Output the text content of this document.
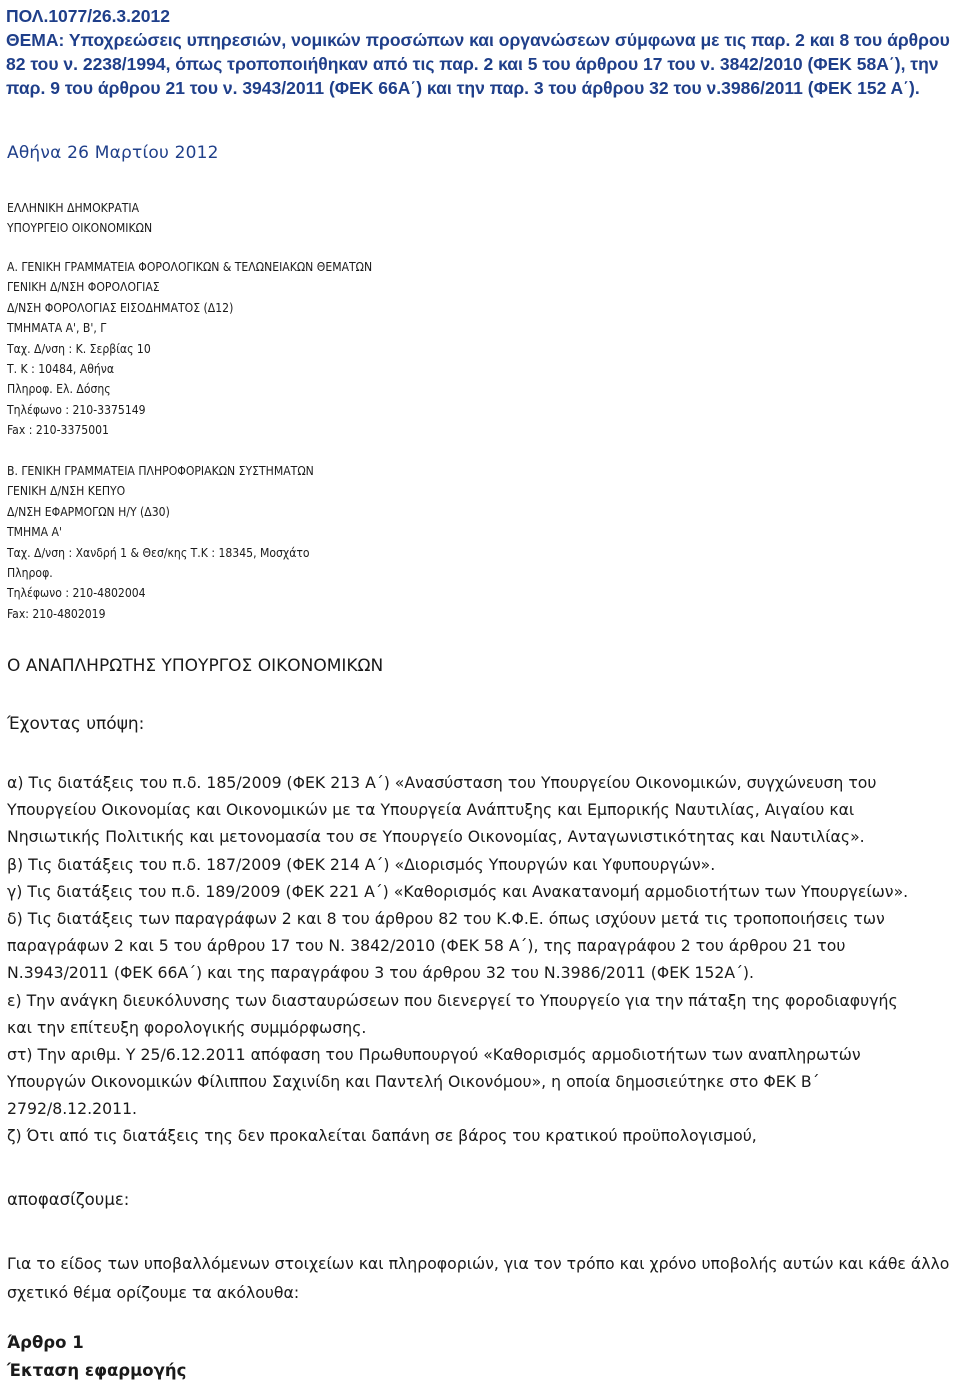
ΠΟΛ.1077/26.3.2012
ΘΕΜΑ: Υποχρεώσεις υπηρεσιών, νομικών προσώπων και οργανώσεων σύμφωνα με τις παρ. 2 και 8 του άρθρου
82 του ν. 2238/1994, όπως τροποποιήθηκαν από τις παρ. 2 και 5 του άρθρου 17 του ν. 3842/2010 (ΦΕΚ 58Α΄), την
παρ. 9 του άρθρου 21 του ν. 3943/2011 (ΦΕΚ 66Α΄) και την παρ. 3 του άρθρου 32 του ν.3986/2011 (ΦΕΚ 152 Α΄).
Αθήνα 26 Μαρτίου 2012
ΕΛΛΗΝΙΚΗ ΔΗΜΟΚΡΑΤΙΑ
ΥΠΟΥΡΓΕΙΟ ΟΙΚΟΝΟΜΙΚΩΝ
Α. ΓΕΝΙΚΗ ΓΡΑΜΜΑΤΕΙΑ ΦΟΡΟΛΟΓΙΚΩΝ & ΤΕΛΩΝΕΙΑΚΩΝ ΘΕΜΑΤΩΝ
ΓΕΝΙΚΗ Δ/ΝΣΗ ΦΟΡΟΛΟΓΙΑΣ
Δ/ΝΣΗ ΦΟΡΟΛΟΓΙΑΣ ΕΙΣΟΔΗΜΑΤΟΣ (Δ12)
ΤΜΗΜΑΤΑ Α', Β', Γ
Ταχ. Δ/νση : Κ. Σερβίας 10
Τ. Κ : 10484, Αθήνα
Πληροφ. Ελ. Δόσης
Τηλέφωνο : 210-3375149
Fax : 210-3375001
Β. ΓΕΝΙΚΗ ΓΡΑΜΜΑΤΕΙΑ ΠΛΗΡΟΦΟΡΙΑΚΩΝ ΣΥΣΤΗΜΑΤΩΝ
ΓΕΝΙΚΗ Δ/ΝΣΗ ΚΕΠΥΟ
Δ/ΝΣΗ ΕΦΑΡΜΟΓΩΝ Η/Υ (Δ30)
ΤΜΗΜΑ Α'
Ταχ. Δ/νση : Χανδρή 1 & Θεσ/κης Τ.Κ : 18345, Μοσχάτο
Πληροφ.
Τηλέφωνο : 210-4802004
Fax: 210-4802019
Ο ΑΝΑΠΛΗΡΩΤΗΣ ΥΠΟΥΡΓΟΣ ΟΙΚΟΝΟΜΙΚΩΝ
Έχοντας υπόψη:
α) Τις διατάξεις του π.δ. 185/2009 (ΦΕΚ 213 Α΄) «Ανασύσταση του Υπουργείου Οικονομικών, συγχώνευση του
Υπουργείου Οικονομίας και Οικονομικών με τα Υπουργεία Ανάπτυξης και Εμπορικής Ναυτιλίας, Αιγαίου και
Νησιωτικής Πολιτικής και μετονομασία του σε Υπουργείο Οικονομίας, Ανταγωνιστικότητας και Ναυτιλίας».
β) Τις διατάξεις του π.δ. 187/2009 (ΦΕΚ 214 Α΄) «Διορισμός Υπουργών και Υφυπουργών».
γ) Τις διατάξεις του π.δ. 189/2009 (ΦΕΚ 221 Α΄) «Καθορισμός και Ανακατανομή αρμοδιοτήτων των Υπουργείων».
δ) Τις διατάξεις των παραγράφων 2 και 8 του άρθρου 82 του Κ.Φ.Ε. όπως ισχύουν μετά τις τροποποιήσεις των
παραγράφων 2 και 5 του άρθρου 17 του Ν. 3842/2010 (ΦΕΚ 58 Α΄), της παραγράφου 2 του άρθρου 21 του
Ν.3943/2011 (ΦΕΚ 66Α΄) και της παραγράφου 3 του άρθρου 32 του Ν.3986/2011 (ΦΕΚ 152Α΄).
ε) Την ανάγκη διευκόλυνσης των διασταυρώσεων που διενεργεί το Υπουργείο για την πάταξη της φοροδιαφυγής
και την επίτευξη φορολογικής συμμόρφωσης.
στ) Την αριθμ. Υ 25/6.12.2011 απόφαση του Πρωθυπουργού «Καθορισμός αρμοδιοτήτων των αναπληρωτών
Υπουργών Οικονομικών Φίλιππου Σαχινίδη και Παντελή Οικονόμου», η οποία δημοσιεύτηκε στο ΦΕΚ Β΄
2792/8.12.2011.
ζ) Ότι από τις διατάξεις της δεν προκαλείται δαπάνη σε βάρος του κρατικού προϋπολογισμού,
αποφασίζουμε:
Για το είδος των υποβαλλόμενων στοιχείων και πληροφοριών, για τον τρόπο και χρόνο υποβολής αυτών και κάθε άλλο
σχετικό θέμα ορίζουμε τα ακόλουθα:
Άρθρο 1
Έκταση εφαρμογής
